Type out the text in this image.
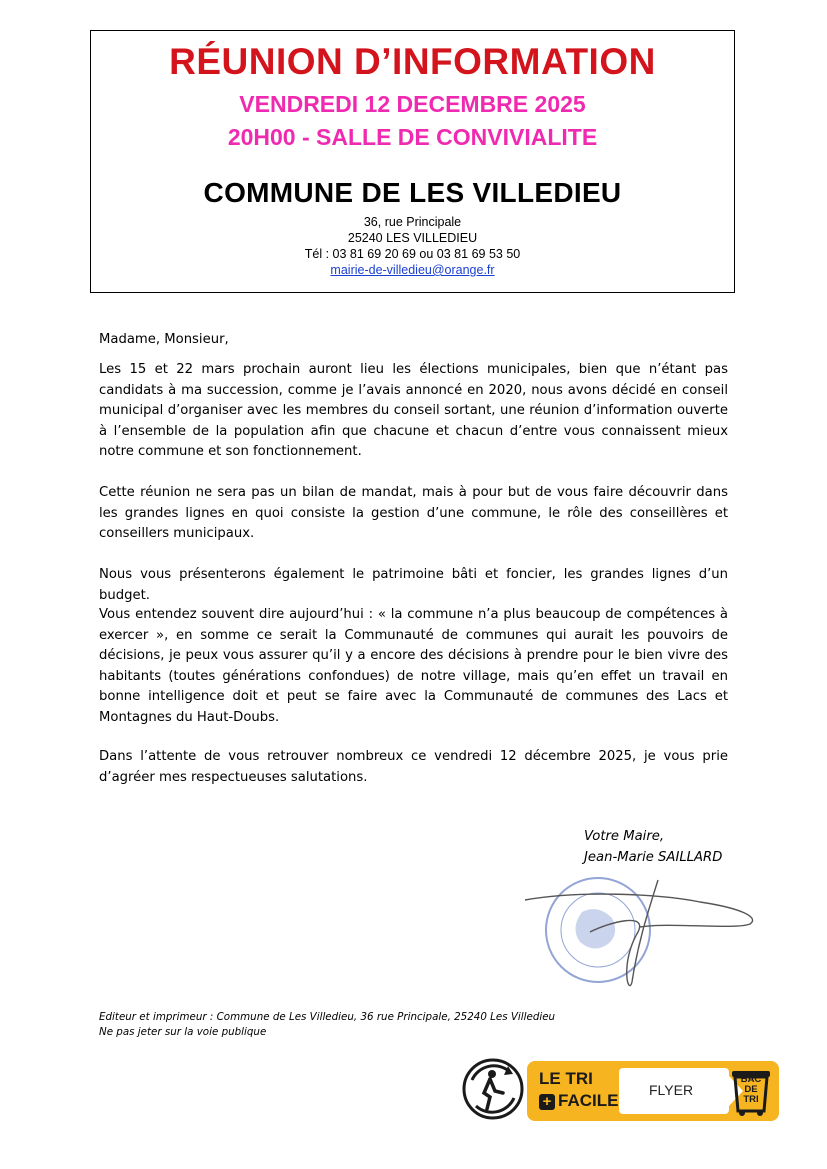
RÉUNION D’INFORMATION

VENDREDI 12 DECEMBRE 2025

20H00 - SALLE DE CONVIVIALITE

COMMUNE DE LES VILLEDIEU

36, rue Principale

25240 LES VILLEDIEU

Tél : 03 81 69 20 69 ou 03 81 69 53 50

mairie-de-villedieu@orange.fr

Madame, Monsieur,

Les 15 et 22 mars prochain auront lieu les élections municipales, bien que n’étant pas candidats à ma succession, comme je l’avais annoncé en 2020, nous avons décidé en conseil municipal d’organiser avec les membres du conseil sortant, une réunion d’information ouverte à l’ensemble de la population afin que chacune et chacun d’entre vous connaissent mieux notre commune et son fonctionnement.

Cette réunion ne sera pas un bilan de mandat, mais à pour but de vous faire découvrir dans les grandes lignes en quoi consiste la gestion d’une commune, le rôle des conseillères et conseillers municipaux.

Nous vous présenterons également le patrimoine bâti et foncier, les grandes lignes d’un budget.

Vous entendez souvent dire aujourd’hui : « la commune n’a plus beaucoup de compétences à exercer », en somme ce serait la Communauté de communes qui aurait les pouvoirs de décisions, je peux vous assurer qu’il y a encore des décisions à prendre pour le bien vivre des habitants (toutes générations confondues) de notre village, mais qu’en effet un travail en bonne intelligence doit et peut se faire avec la Communauté de communes des Lacs et Montagnes du Haut-Doubs.

Dans l’attente de vous retrouver nombreux ce vendredi 12 décembre 2025, je vous prie d’agréer mes respectueuses salutations.

Votre Maire,

Jean-Marie SAILLARD

Editeur et imprimeur : Commune de Les Villedieu, 36 rue Principale, 25240 Les Villedieu

Ne pas jeter sur la voie publique

LE TRI

+ FACILE

FLYER

BAC

DE

TRI
